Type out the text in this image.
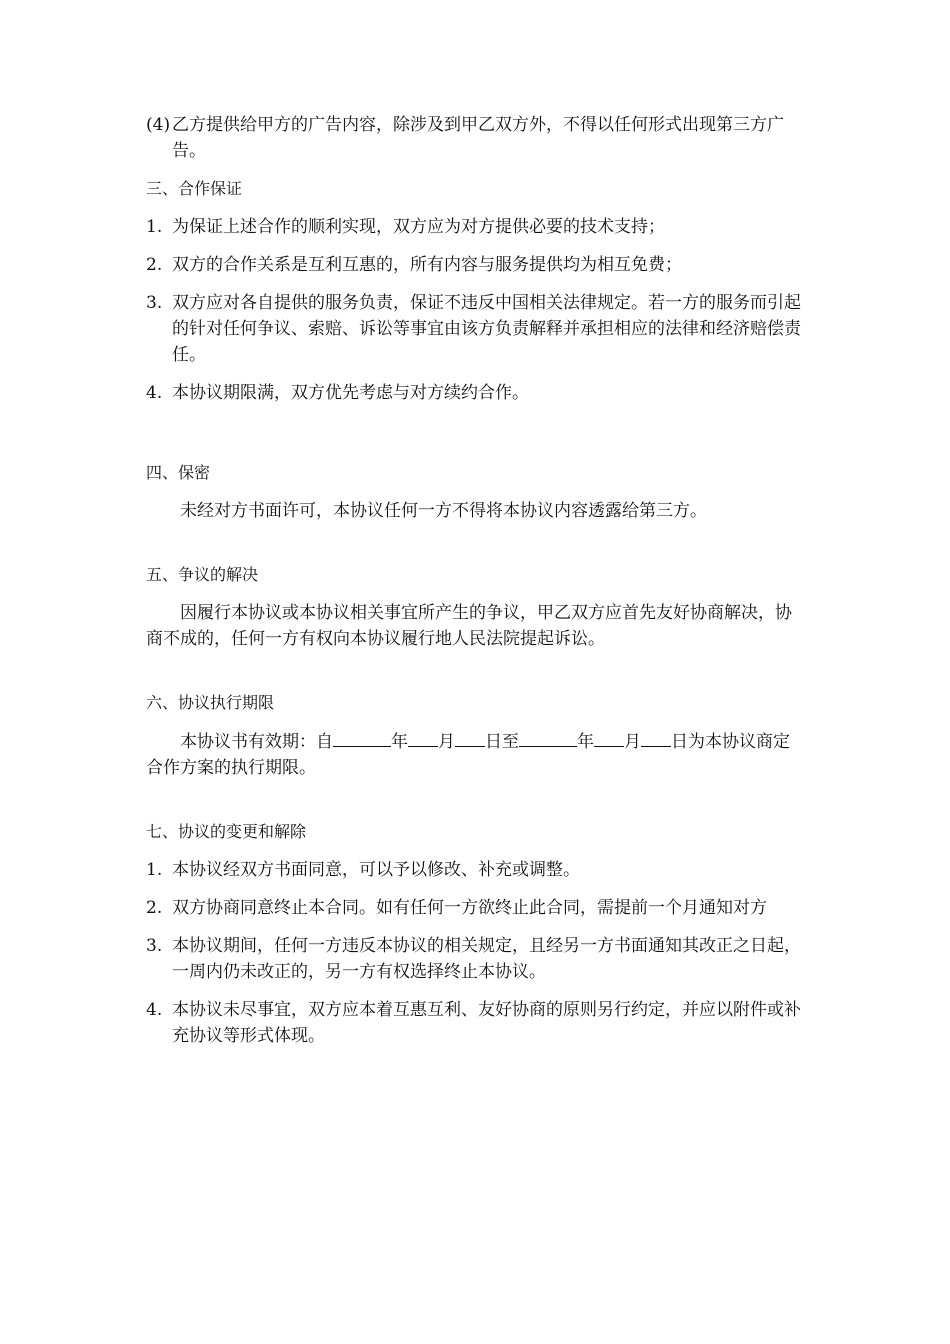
(4) 乙方提供给甲方的广告内容，除涉及到甲乙双方外，不得以任何形式出现第三方广告。
三、合作保证
1. 为保证上述合作的顺利实现，双方应为对方提供必要的技术支持；
2. 双方的合作关系是互利互惠的，所有内容与服务提供均为相互免费；
3. 双方应对各自提供的服务负责，保证不违反中国相关法律规定。若一方的服务而引起的针对任何争议、索赔、诉讼等事宜由该方负责解释并承担相应的法律和经济赔偿责任。
4. 本协议期限满，双方优先考虑与对方续约合作。
四、保密

未经对方书面许可，本协议任何一方不得将本协议内容透露给第三方。

五、争议的解决

因履行本协议或本协议相关事宜所产生的争议，甲乙双方应首先友好协商解决，协商不成的，任何一方有权向本协议履行地人民法院提起诉讼。

六、协议执行期限

本协议书有效期：自	年 月 日至	年 月 日为本协议商定合作方案的执行期限。

七、协议的变更和解除
1. 本协议经双方书面同意，可以予以修改、补充或调整。
2. 双方协商同意终止本合同。如有任何一方欲终止此合同，需提前一个月通知对方
3. 本协议期间，任何一方违反本协议的相关规定，且经另一方书面通知其改正之日起，一周内仍未改正的，另一方有权选择终止本协议。
4. 本协议未尽事宜，双方应本着互惠互利、友好协商的原则另行约定，并应以附件或补充协议等形式体现。
